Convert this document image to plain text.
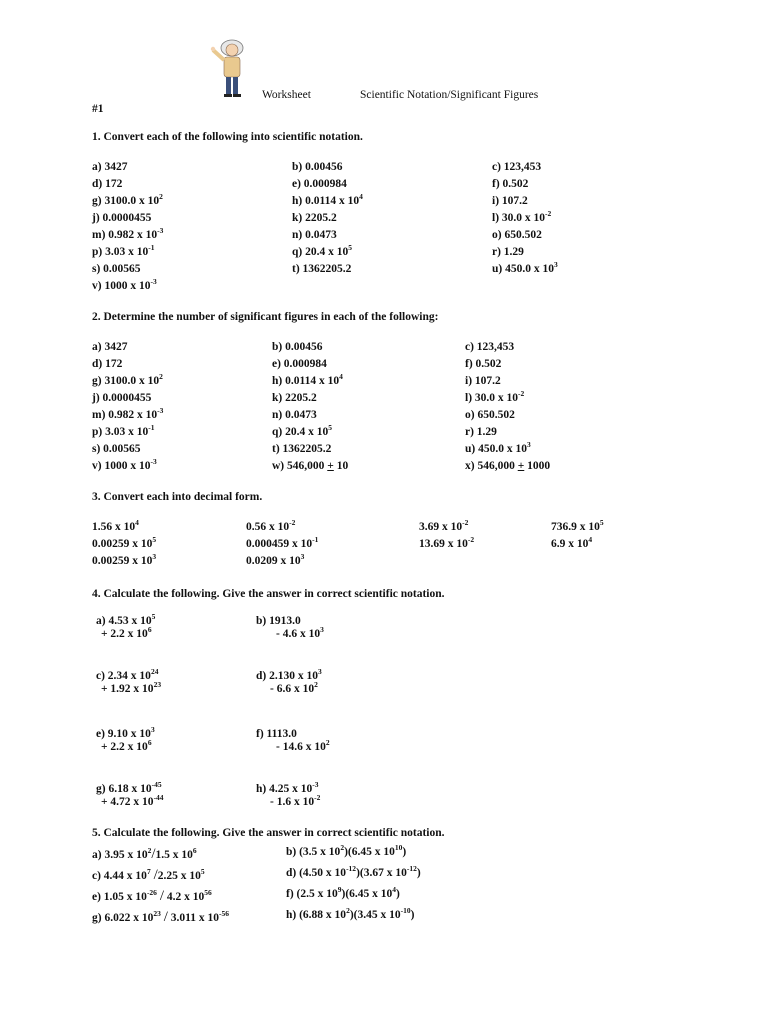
Worksheet	Scientific Notation/Significant Figures
#1
1. Convert each of the following into scientific notation.
a) 3427	b) 0.00456	c) 123,453
d) 172	e) 0.000984	f) 0.502
g) 3100.0 x $10^2$	h) 0.0114 x $10^4$	i) 107.2
j) 0.0000455	k) 2205.2	l) 30.0 x $10^{-2}$
m) 0.982 x $10^{-3}$	n) 0.0473	o) 650.502
p) 3.03 x $10^{-1}$	q) 20.4 x $10^5$	r) 1.29
s) 0.00565	t) 1362205.2	u) 450.0 x $10^3$
v) 1000 x $10^{-3}$
2. Determine the number of significant figures in each of the following:
a) 3427	b) 0.00456	c) 123,453
d) 172	e) 0.000984	f) 0.502
g) 3100.0 x $10^2$	h) 0.0114 x $10^4$	i) 107.2
j) 0.0000455	k) 2205.2	l) 30.0 x $10^{-2}$
m) 0.982 x $10^{-3}$	n) 0.0473	o) 650.502
p) 3.03 x $10^{-1}$	q) 20.4 x $10^5$	r) 1.29
s) 0.00565	t) 1362205.2	u) 450.0 x $10^3$
v) 1000 x $10^{-3}$	w) 546,000 + 10	x) 546,000 + 1000
3. Convert each into decimal form.
1.56 x $10^4$	0.56 x $10^{-2}$	3.69 x $10^{-2}$	736.9 x $10^5$
0.00259 x $10^5$	0.000459 x $10^{-1}$	13.69 x $10^{-2}$	6.9 x $10^4$
0.00259 x $10^3$	0.0209 x $10^3$
4. Calculate the following. Give the answer in correct scientific notation.
a) 4.53 x $10^5$
+ 2.2 x $10^6$
b) 1913.0
- 4.6 x $10^3$
c) 2.34 x $10^{24}$
+ 1.92 x $10^{23}$
d) 2.130 x $10^3$
- 6.6 x $10^2$
e) 9.10 x $10^3$
+ 2.2 x $10^6$
f) 1113.0
- 14.6 x $10^2$
g) 6.18 x $10^{-45}$
+ 4.72 x $10^{-44}$
h) 4.25 x $10^{-3}$
- 1.6 x $10^{-2}$
5. Calculate the following. Give the answer in correct scientific notation.
a) 3.95 x $10^2/1.5$ x $10^6$	b) (3.5 x $10^2)(6.45$ x $10^{10}$)
c) 4.44 x $10^7$ /2.25 x $10^5$	d) (4.50 x $10^{-12})(3.67$ x $10^{-12}$)
e) 1.05 x $10^{-26} / 4.2$ x $10^{56}$	f) (2.5 x $10^9)(6.45$ x $10^4$)
g) 6.022 x $10^{23} / 3.011$ x $10^{-56}$	h) (6.88 x $10^2)(3.45$ x $10^{-10}$)
